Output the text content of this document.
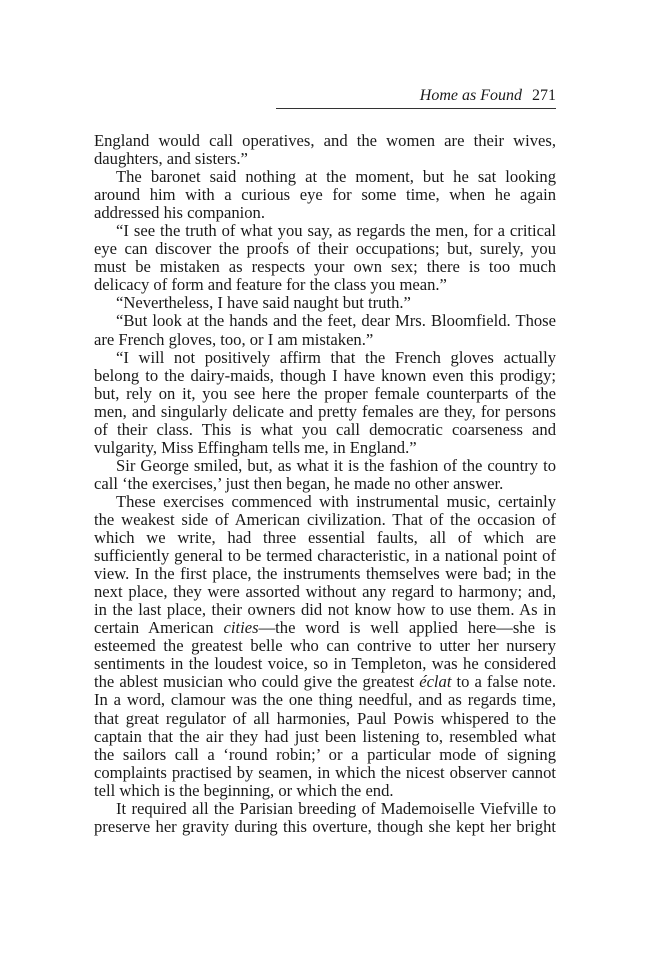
Home as Found 271

England would call operatives, and the women are their wives, daughters, and sisters.”

The baronet said nothing at the moment, but he sat looking around him with a curious eye for some time, when he again addressed his companion.

“I see the truth of what you say, as regards the men, for a critical eye can discover the proofs of their occupations; but, surely, you must be mistaken as respects your own sex; there is too much delicacy of form and feature for the class you mean.”

“Nevertheless, I have said naught but truth.”

“But look at the hands and the feet, dear Mrs. Bloomfield. Those are French gloves, too, or I am mistaken.”

“I will not positively affirm that the French gloves actually belong to the dairy-maids, though I have known even this prodigy; but, rely on it, you see here the proper female counterparts of the men, and singularly delicate and pretty females are they, for persons of their class. This is what you call democratic coarseness and vulgarity, Miss Effingham tells me, in England.”

Sir George smiled, but, as what it is the fashion of the country to call ‘the exercises,’ just then began, he made no other answer.

These exercises commenced with instrumental music, certainly the weakest side of American civilization. That of the occasion of which we write, had three essential faults, all of which are sufficiently general to be termed characteristic, in a national point of view. In the first place, the instruments themselves were bad; in the next place, they were assorted without any regard to harmony; and, in the last place, their owners did not know how to use them. As in certain American cities—the word is well applied here—she is esteemed the greatest belle who can contrive to utter her nursery sentiments in the loudest voice, so in Templeton, was he considered the ablest musician who could give the greatest éclat to a false note. In a word, clamour was the one thing needful, and as regards time, that great regulator of all harmonies, Paul Powis whispered to the captain that the air they had just been listening to, resembled what the sailors call a ‘round robin;’ or a particular mode of signing complaints practised by seamen, in which the nicest observer cannot tell which is the beginning, or which the end.

It required all the Parisian breeding of Mademoiselle Viefville to preserve her gravity during this overture, though she kept her bright
